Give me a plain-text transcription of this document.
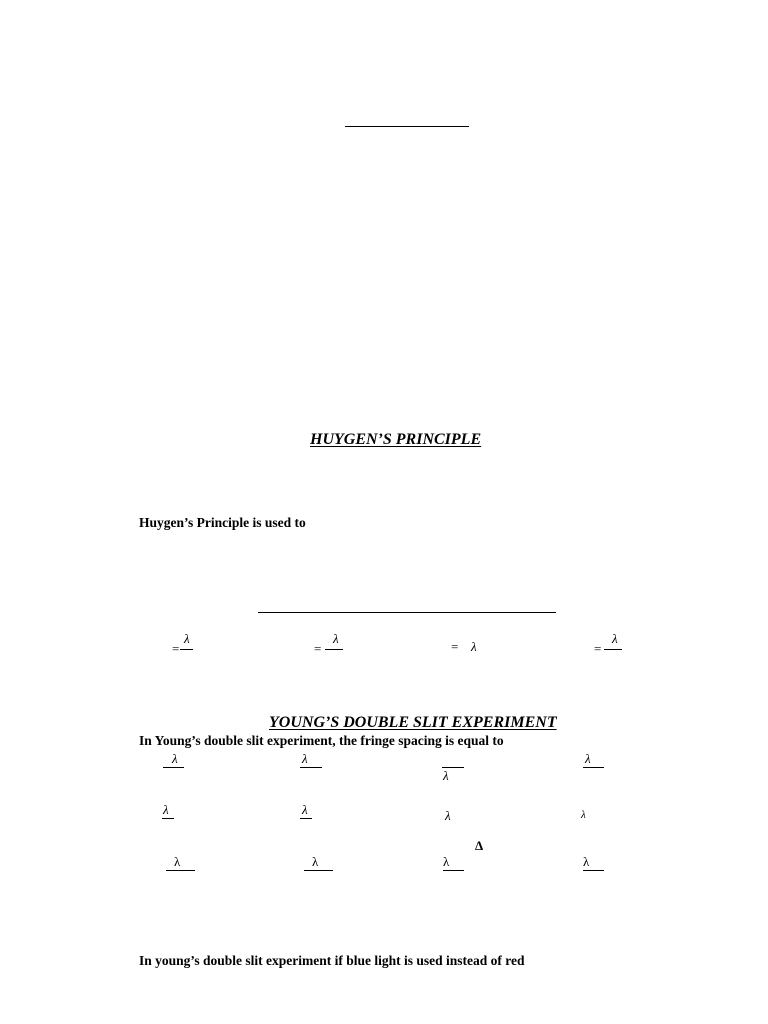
HUYGEN’S PRINCIPLE
Huygen’s Principle is used to
=
λ
=
λ
= λ	=
λ
YOUNG’S DOUBLE SLIT EXPERIMENT
In Young’s double slit experiment, the fringe spacing is equal to
λ	λ
λ
λ
λ	λ	λ	λ
Δ
λ	λ	λ	λ
In young’s double slit experiment if blue light is used instead of red
